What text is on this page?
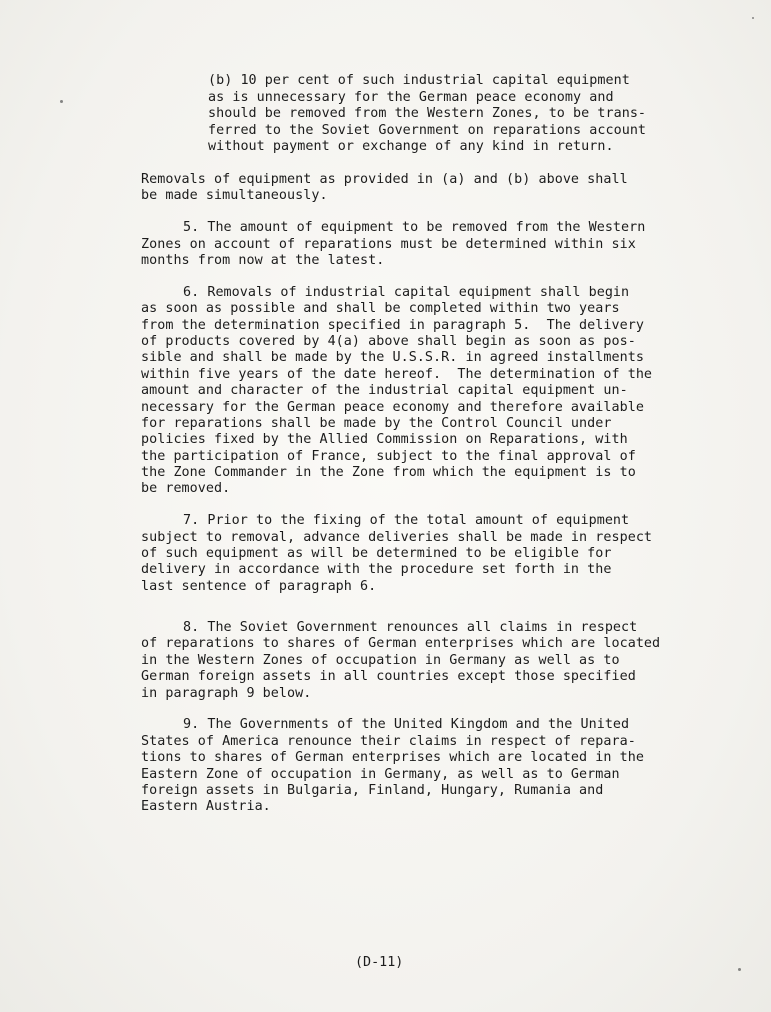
(b) 10 per cent of such industrial capital equipment
as is unnecessary for the German peace economy and
should be removed from the Western Zones, to be trans-
ferred to the Soviet Government on reparations account
without payment or exchange of any kind in return.
Removals of equipment as provided in (a) and (b) above shall
be made simultaneously.
5. The amount of equipment to be removed from the Western
Zones on account of reparations must be determined within six
months from now at the latest.
6. Removals of industrial capital equipment shall begin
as soon as possible and shall be completed within two years
from the determination specified in paragraph 5.  The delivery
of products covered by 4(a) above shall begin as soon as pos-
sible and shall be made by the U.S.S.R. in agreed installments
within five years of the date hereof.  The determination of the
amount and character of the industrial capital equipment un-
necessary for the German peace economy and therefore available
for reparations shall be made by the Control Council under
policies fixed by the Allied Commission on Reparations, with
the participation of France, subject to the final approval of
the Zone Commander in the Zone from which the equipment is to
be removed.
7. Prior to the fixing of the total amount of equipment
subject to removal, advance deliveries shall be made in respect
of such equipment as will be determined to be eligible for
delivery in accordance with the procedure set forth in the
last sentence of paragraph 6.
8. The Soviet Government renounces all claims in respect
of reparations to shares of German enterprises which are located
in the Western Zones of occupation in Germany as well as to
German foreign assets in all countries except those specified
in paragraph 9 below.
9. The Governments of the United Kingdom and the United
States of America renounce their claims in respect of repara-
tions to shares of German enterprises which are located in the
Eastern Zone of occupation in Germany, as well as to German
foreign assets in Bulgaria, Finland, Hungary, Rumania and
Eastern Austria.
(D-11)
